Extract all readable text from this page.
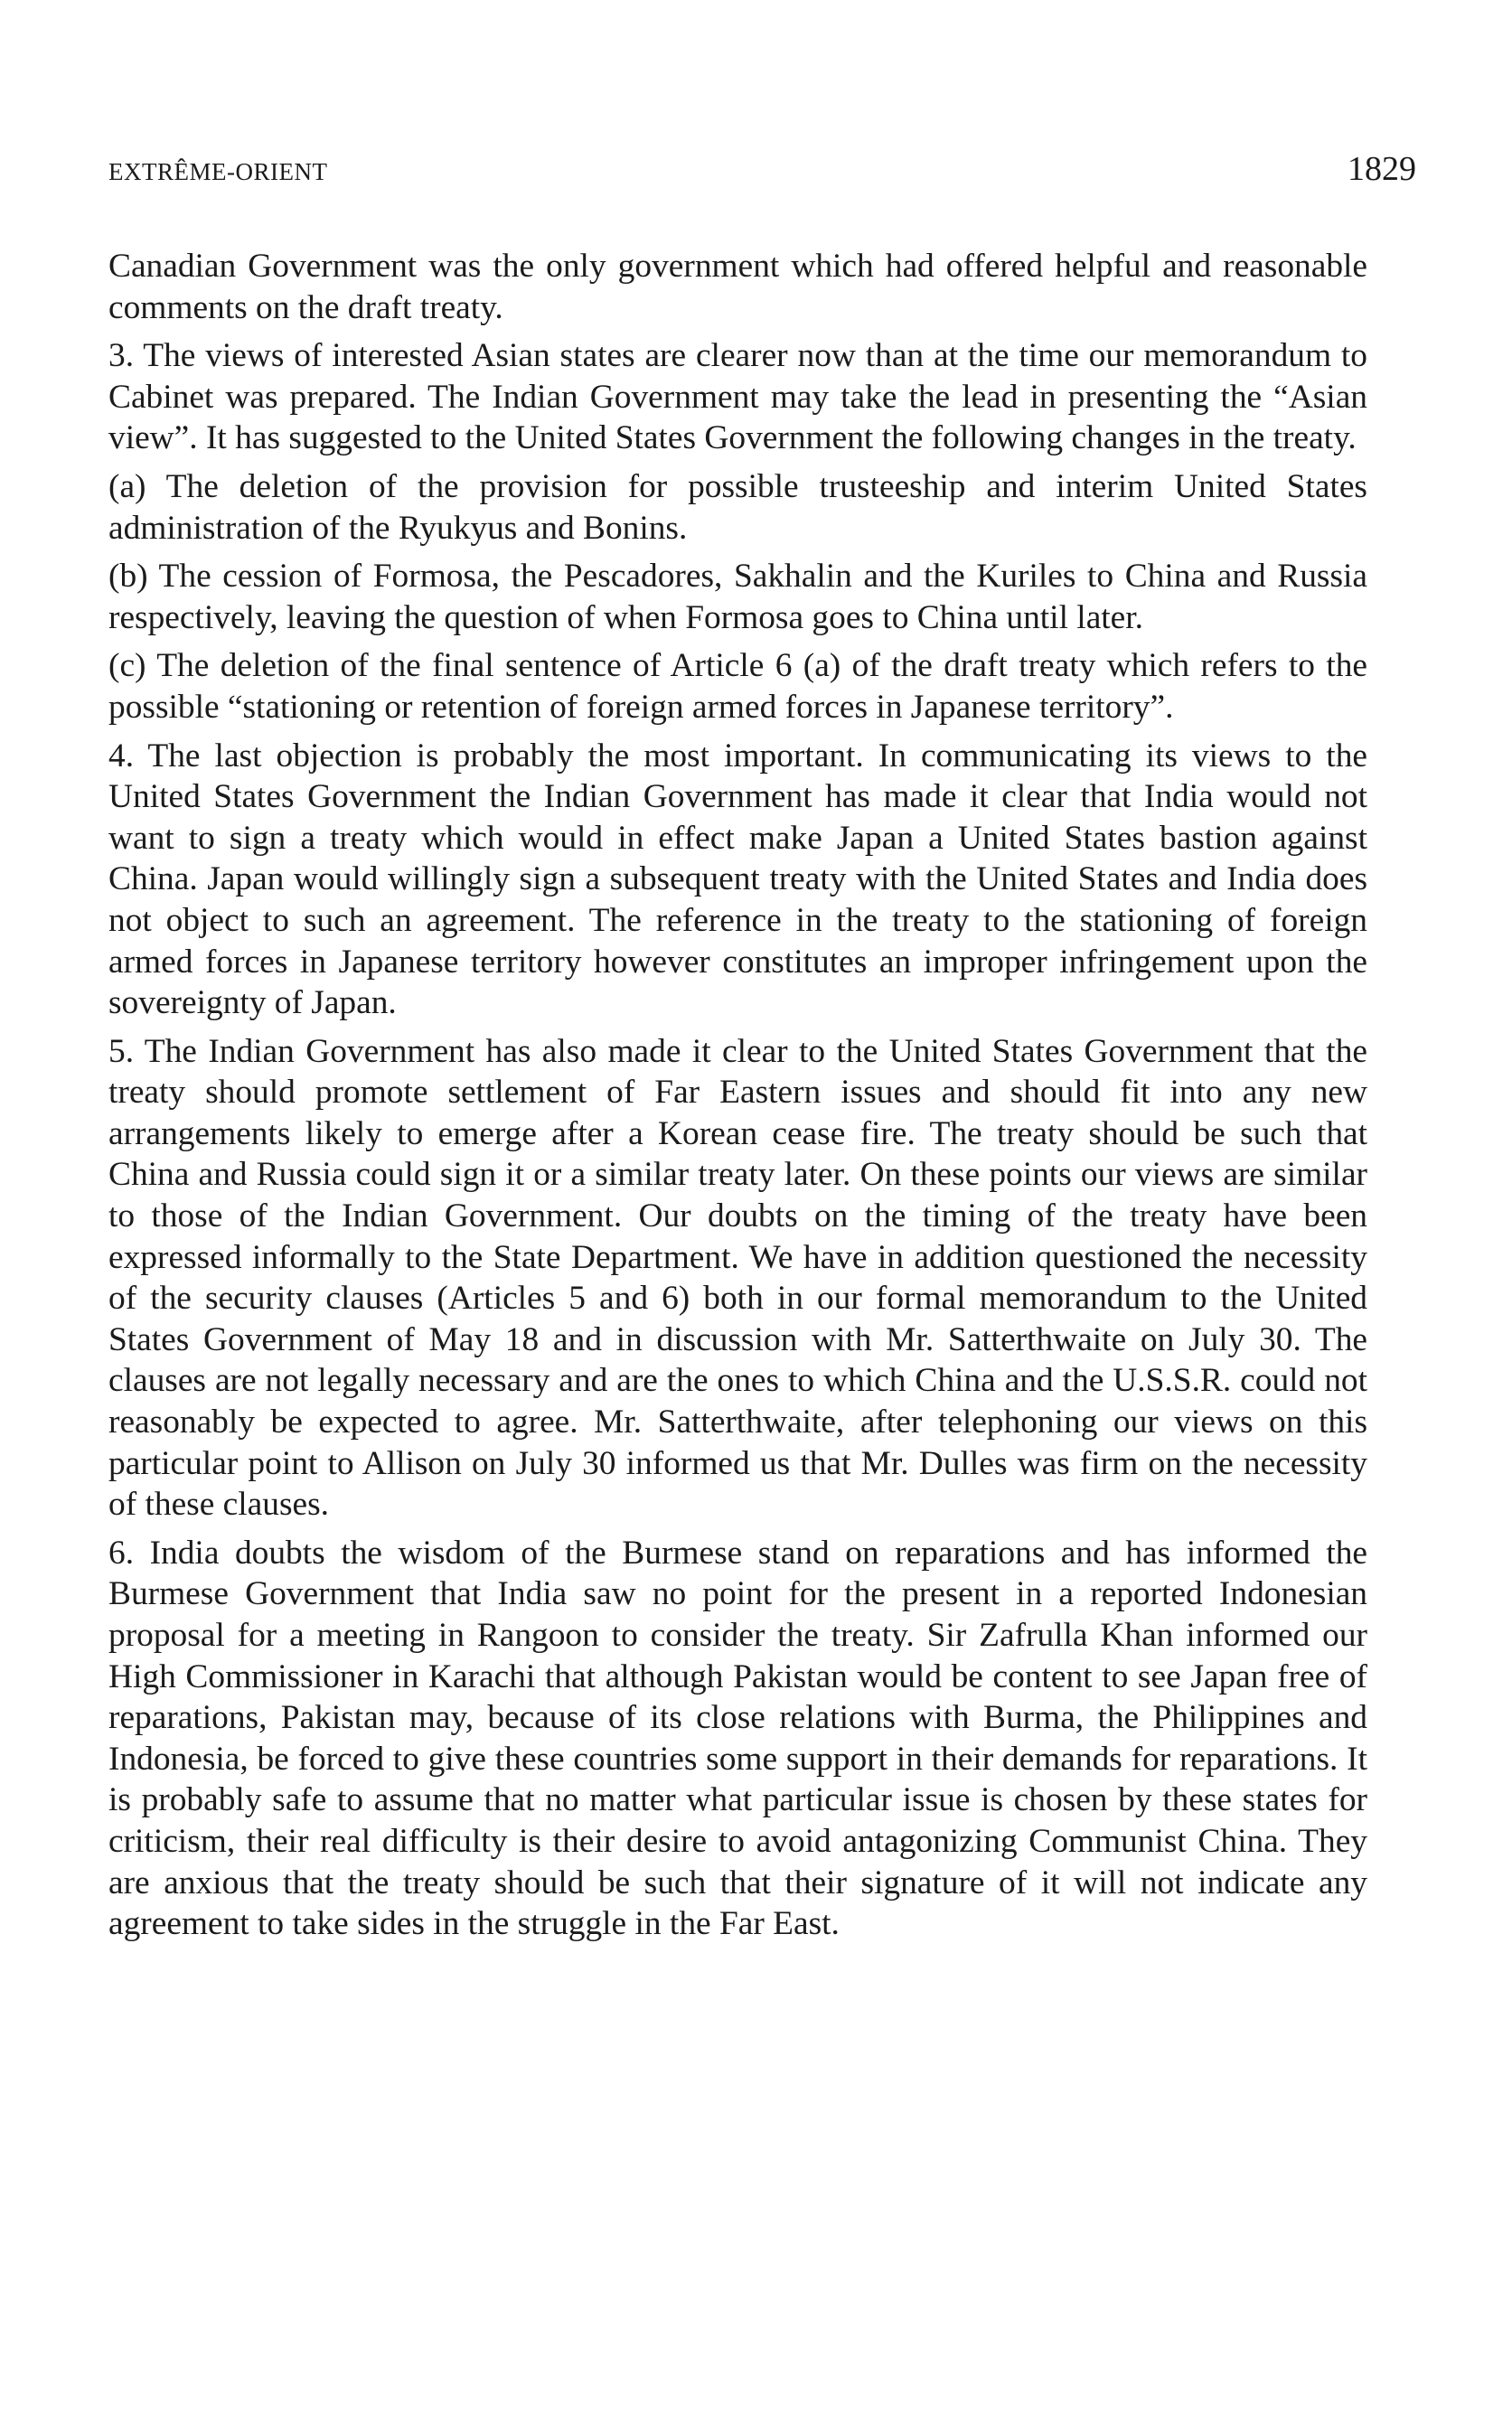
EXTRÊME-ORIENT	1829

Canadian Government was the only government which had offered helpful and reasonable comments on the draft treaty.

3. The views of interested Asian states are clearer now than at the time our memorandum to Cabinet was prepared. The Indian Government may take the lead in presenting the “Asian view”. It has suggested to the United States Government the following changes in the treaty.

(a) The deletion of the provision for possible trusteeship and interim United States administration of the Ryukyus and Bonins.

(b) The cession of Formosa, the Pescadores, Sakhalin and the Kuriles to China and Russia respectively, leaving the question of when Formosa goes to China until later.

(c) The deletion of the final sentence of Article 6 (a) of the draft treaty which refers to the possible “stationing or retention of foreign armed forces in Japanese territory”.

4. The last objection is probably the most important. In communicating its views to the United States Government the Indian Government has made it clear that India would not want to sign a treaty which would in effect make Japan a United States bastion against China. Japan would willingly sign a subsequent treaty with the United States and India does not object to such an agreement. The reference in the treaty to the stationing of foreign armed forces in Japanese territory however constitutes an improper infringement upon the sovereignty of Japan.

5. The Indian Government has also made it clear to the United States Government that the treaty should promote settlement of Far Eastern issues and should fit into any new arrangements likely to emerge after a Korean cease fire. The treaty should be such that China and Russia could sign it or a similar treaty later. On these points our views are similar to those of the Indian Government. Our doubts on the timing of the treaty have been expressed informally to the State Department. We have in addition questioned the necessity of the security clauses (Articles 5 and 6) both in our formal memorandum to the United States Government of May 18 and in discussion with Mr. Satterthwaite on July 30. The clauses are not legally necessary and are the ones to which China and the U.S.S.R. could not reasonably be expected to agree. Mr. Satterthwaite, after telephoning our views on this particular point to Allison on July 30 informed us that Mr. Dulles was firm on the necessity of these clauses.

6. India doubts the wisdom of the Burmese stand on reparations and has informed the Burmese Government that India saw no point for the present in a reported Indonesian proposal for a meeting in Rangoon to consider the treaty. Sir Zafrulla Khan informed our High Commissioner in Karachi that although Pakistan would be content to see Japan free of reparations, Pakistan may, because of its close relations with Burma, the Philippines and Indonesia, be forced to give these countries some support in their demands for reparations. It is probably safe to assume that no matter what particular issue is chosen by these states for criticism, their real difficulty is their desire to avoid antagonizing Communist China. They are anxious that the treaty should be such that their signature of it will not indicate any agreement to take sides in the struggle in the Far East.
